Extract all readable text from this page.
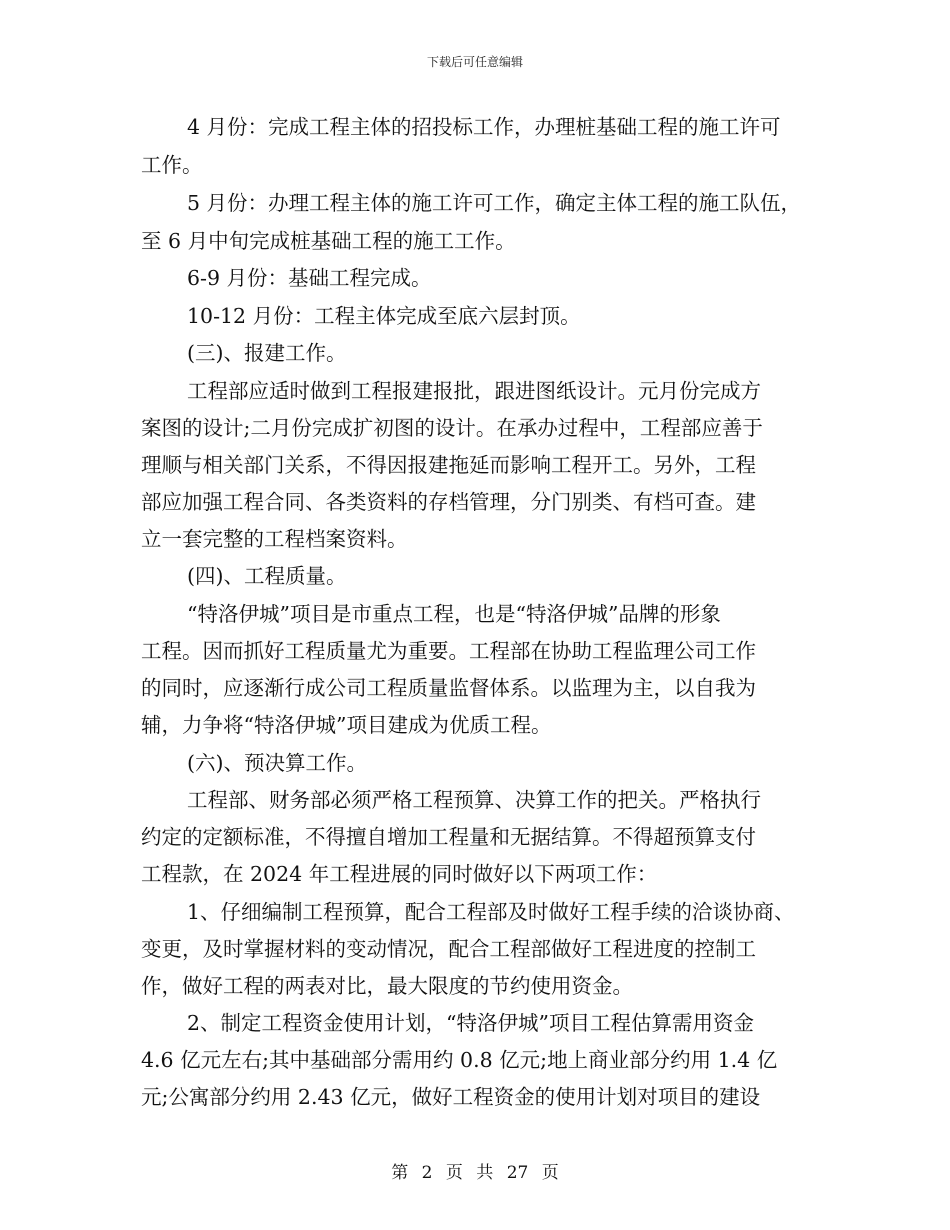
下载后可任意编辑
4 月份：完成工程主体的招投标工作，办理桩基础工程的施工许可
工作。
5 月份：办理工程主体的施工许可工作，确定主体工程的施工队伍，
至 6 月中旬完成桩基础工程的施工工作。
6-9 月份：基础工程完成。
10-12 月份：工程主体完成至底六层封顶。
(三)、报建工作。
工程部应适时做到工程报建报批，跟进图纸设计。元月份完成方
案图的设计;二月份完成扩初图的设计。在承办过程中，工程部应善于
理顺与相关部门关系，不得因报建拖延而影响工程开工。另外，工程
部应加强工程合同、各类资料的存档管理，分门别类、有档可查。建
立一套完整的工程档案资料。
(四)、工程质量。
“特洛伊城”项目是市重点工程，也是“特洛伊城”品牌的形象
工程。因而抓好工程质量尤为重要。工程部在协助工程监理公司工作
的同时，应逐渐行成公司工程质量监督体系。以监理为主，以自我为
辅，力争将“特洛伊城”项目建成为优质工程。
(六)、预决算工作。
工程部、财务部必须严格工程预算、决算工作的把关。严格执行
约定的定额标准，不得擅自增加工程量和无据结算。不得超预算支付
工程款，在 2024 年工程进展的同时做好以下两项工作：
1、仔细编制工程预算，配合工程部及时做好工程手续的洽谈协商、
变更，及时掌握材料的变动情况，配合工程部做好工程进度的控制工
作，做好工程的两表对比，最大限度的节约使用资金。
2、制定工程资金使用计划，“特洛伊城”项目工程估算需用资金
4.6 亿元左右;其中基础部分需用约 0.8 亿元;地上商业部分约用 1.4 亿
元;公寓部分约用 2.43 亿元，做好工程资金的使用计划对项目的建设
第 2 页 共 27 页
